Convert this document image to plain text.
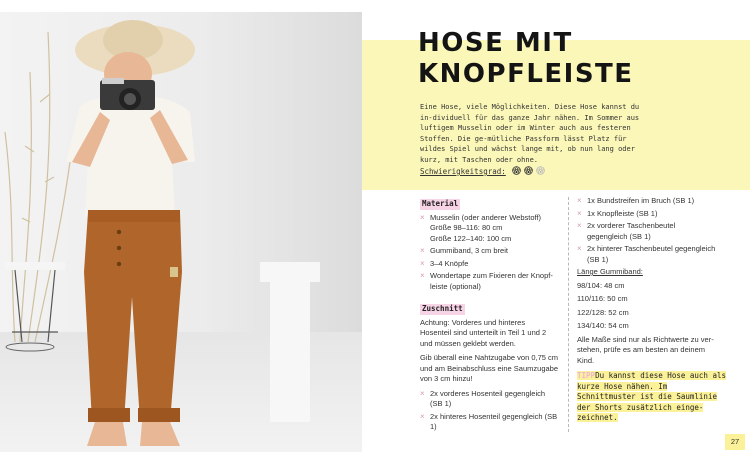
HOSE MIT
KNOPFLEISTE

Eine Hose, viele Möglichkeiten. Diese Hose kannst du in-dividuell für das ganze Jahr nähen. Im Sommer aus luftigem Musselin oder im Winter auch aus festeren Stoffen. Die ge-mütliche Passform lässt Platz für wildes Spiel und wächst lange mit, ob nun lang oder kurz, mit Taschen oder ohne.

Schwierigkeitsgrad:
Material
× Musselin (oder anderer Webstoff)
Größe 98–116: 80 cm
Größe 122–140: 100 cm
× Gummiband, 3 cm breit
× 3–4 Knöpfe
× Wondertape zum Fixieren der Knopf-leiste (optional)
Zuschnitt

Achtung: Vorderes und hinteres Hosenteil sind unterteilt in Teil 1 und 2 und müssen geklebt werden.

Gib überall eine Nahtzugabe von 0,75 cm und am Beinabschluss eine Saumzugabe von 3 cm hinzu!

× 2x vorderes Hosenteil gegengleich (SB 1)
× 2x hinteres Hosenteil gegengleich (SB 1)
× 1x Bundstreifen im Bruch (SB 1)
× 1x Knopfleiste (SB 1)
× 2x vorderer Taschenbeutel gegengleich (SB 1)
× 2x hinterer Taschenbeutel gegengleich (SB 1)
Länge Gummiband:
98/104: 48 cm
110/116: 50 cm
122/128: 52 cm
134/140: 54 cm

Alle Maße sind nur als Richtwerte zu ver-stehen, prüfe es am besten an deinem Kind.

TIPPDu kannst diese Hose auch als kurze Hose nähen. Im Schnittmuster ist die Saumlinie der Shorts zusätzlich einge-zeichnet.
27
